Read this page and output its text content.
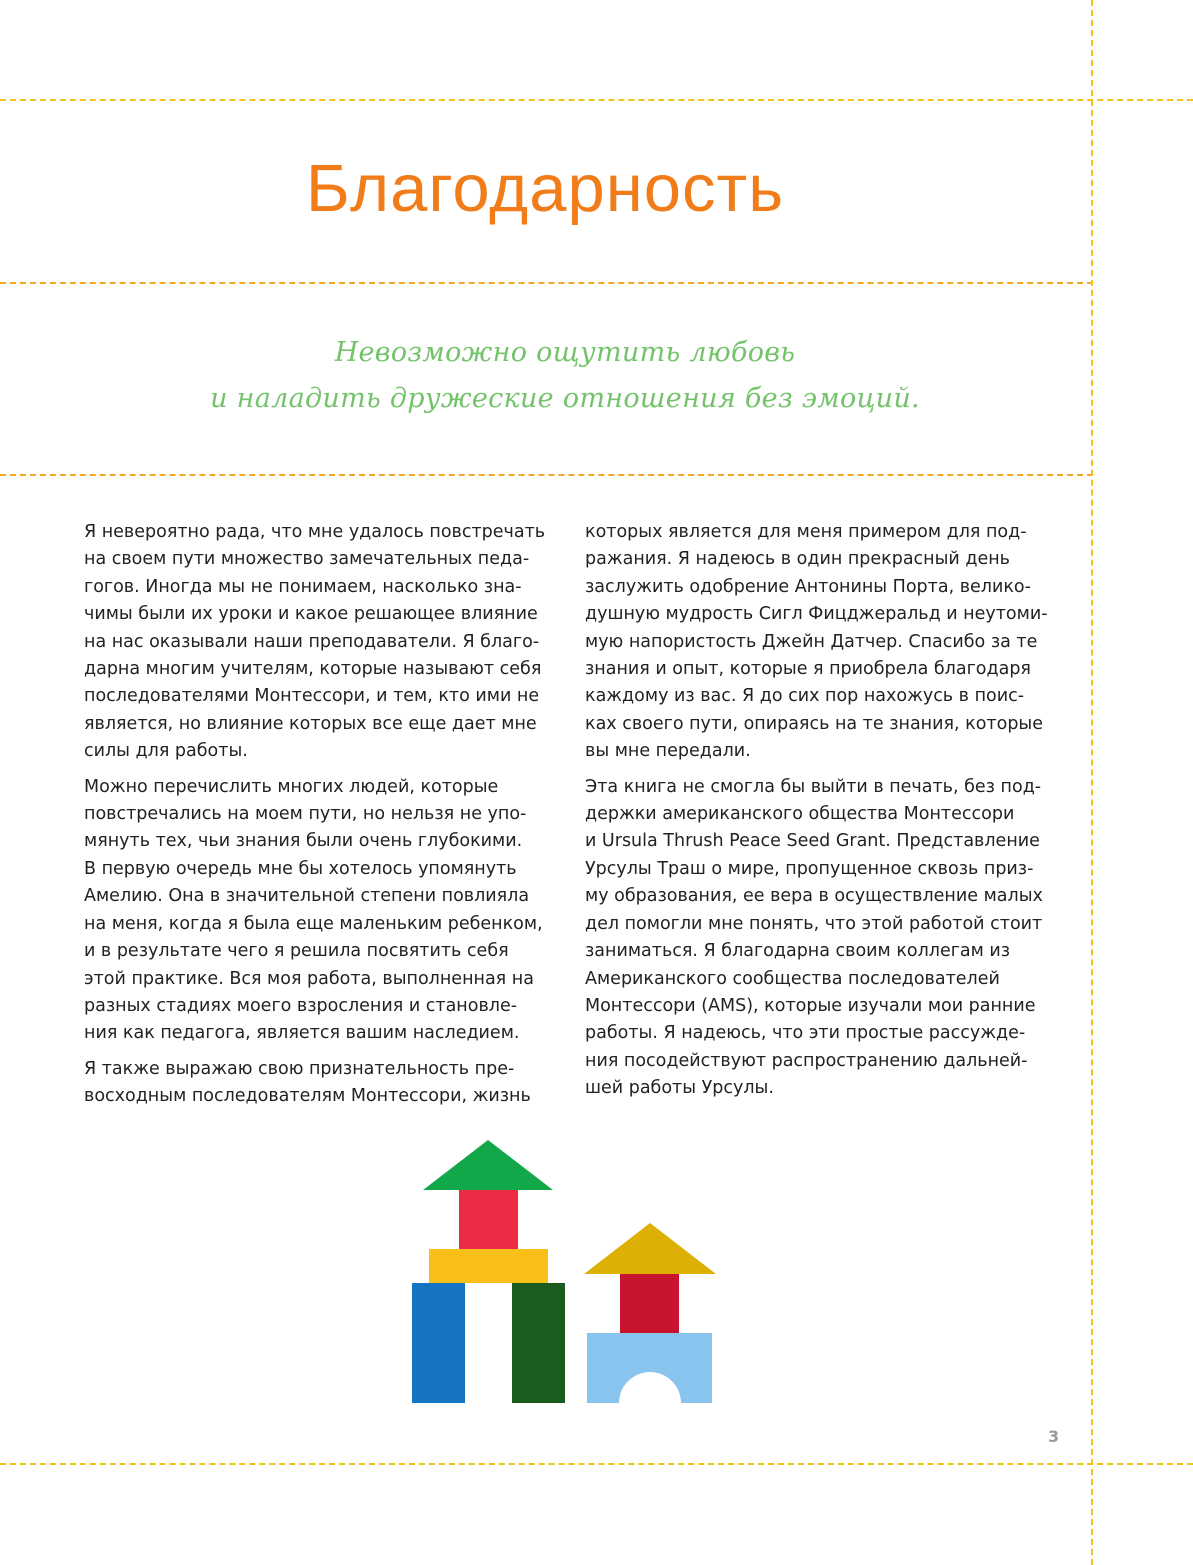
Благодарность
Невозможно ощутить любовь
и наладить дружеские отношения без эмоций.

Я невероятно рада, что мне удалось повстречать
на своем пути множество замечательных педа-
гогов. Иногда мы не понимаем, насколько зна-
чимы были их уроки и какое решающее влияние
на нас оказывали наши преподаватели. Я благо-
дарна многим учителям, которые называют себя
последователями Монтессори, и тем, кто ими не
является, но влияние которых все еще дает мне
силы для работы.

Можно перечислить многих людей, которые
повстречались на моем пути, но нельзя не упо-
мянуть тех, чьи знания были очень глубокими.
В первую очередь мне бы хотелось упомянуть
Амелию. Она в значительной степени повлияла
на меня, когда я была еще маленьким ребенком,
и в результате чего я решила посвятить себя
этой практике. Вся моя работа, выполненная на
разных стадиях моего взросления и становле-
ния как педагога, является вашим наследием.

Я также выражаю свою признательность пре-
восходным последователям Монтессори, жизнь

которых является для меня примером для под-
ражания. Я надеюсь в один прекрасный день
заслужить одобрение Антонины Порта, велико-
душную мудрость Сигл Фицджеральд и неутоми-
мую напористость Джейн Датчер. Спасибо за те
знания и опыт, которые я приобрела благодаря
каждому из вас. Я до сих пор нахожусь в поис-
ках своего пути, опираясь на те знания, которые
вы мне передали.

Эта книга не смогла бы выйти в печать, без под-
держки американского общества Монтессори
и Ursula Thrush Peace Seed Grant. Представление
Урсулы Траш о мире, пропущенное сквозь приз-
му образования, ее вера в осуществление малых
дел помогли мне понять, что этой работой стоит
заниматься. Я благодарна своим коллегам из
Американского сообщества последователей
Монтессори (AMS), которые изучали мои ранние
работы. Я надеюсь, что эти простые рассужде-
ния посодействуют распространению дальней-
шей работы Урсулы.

3
